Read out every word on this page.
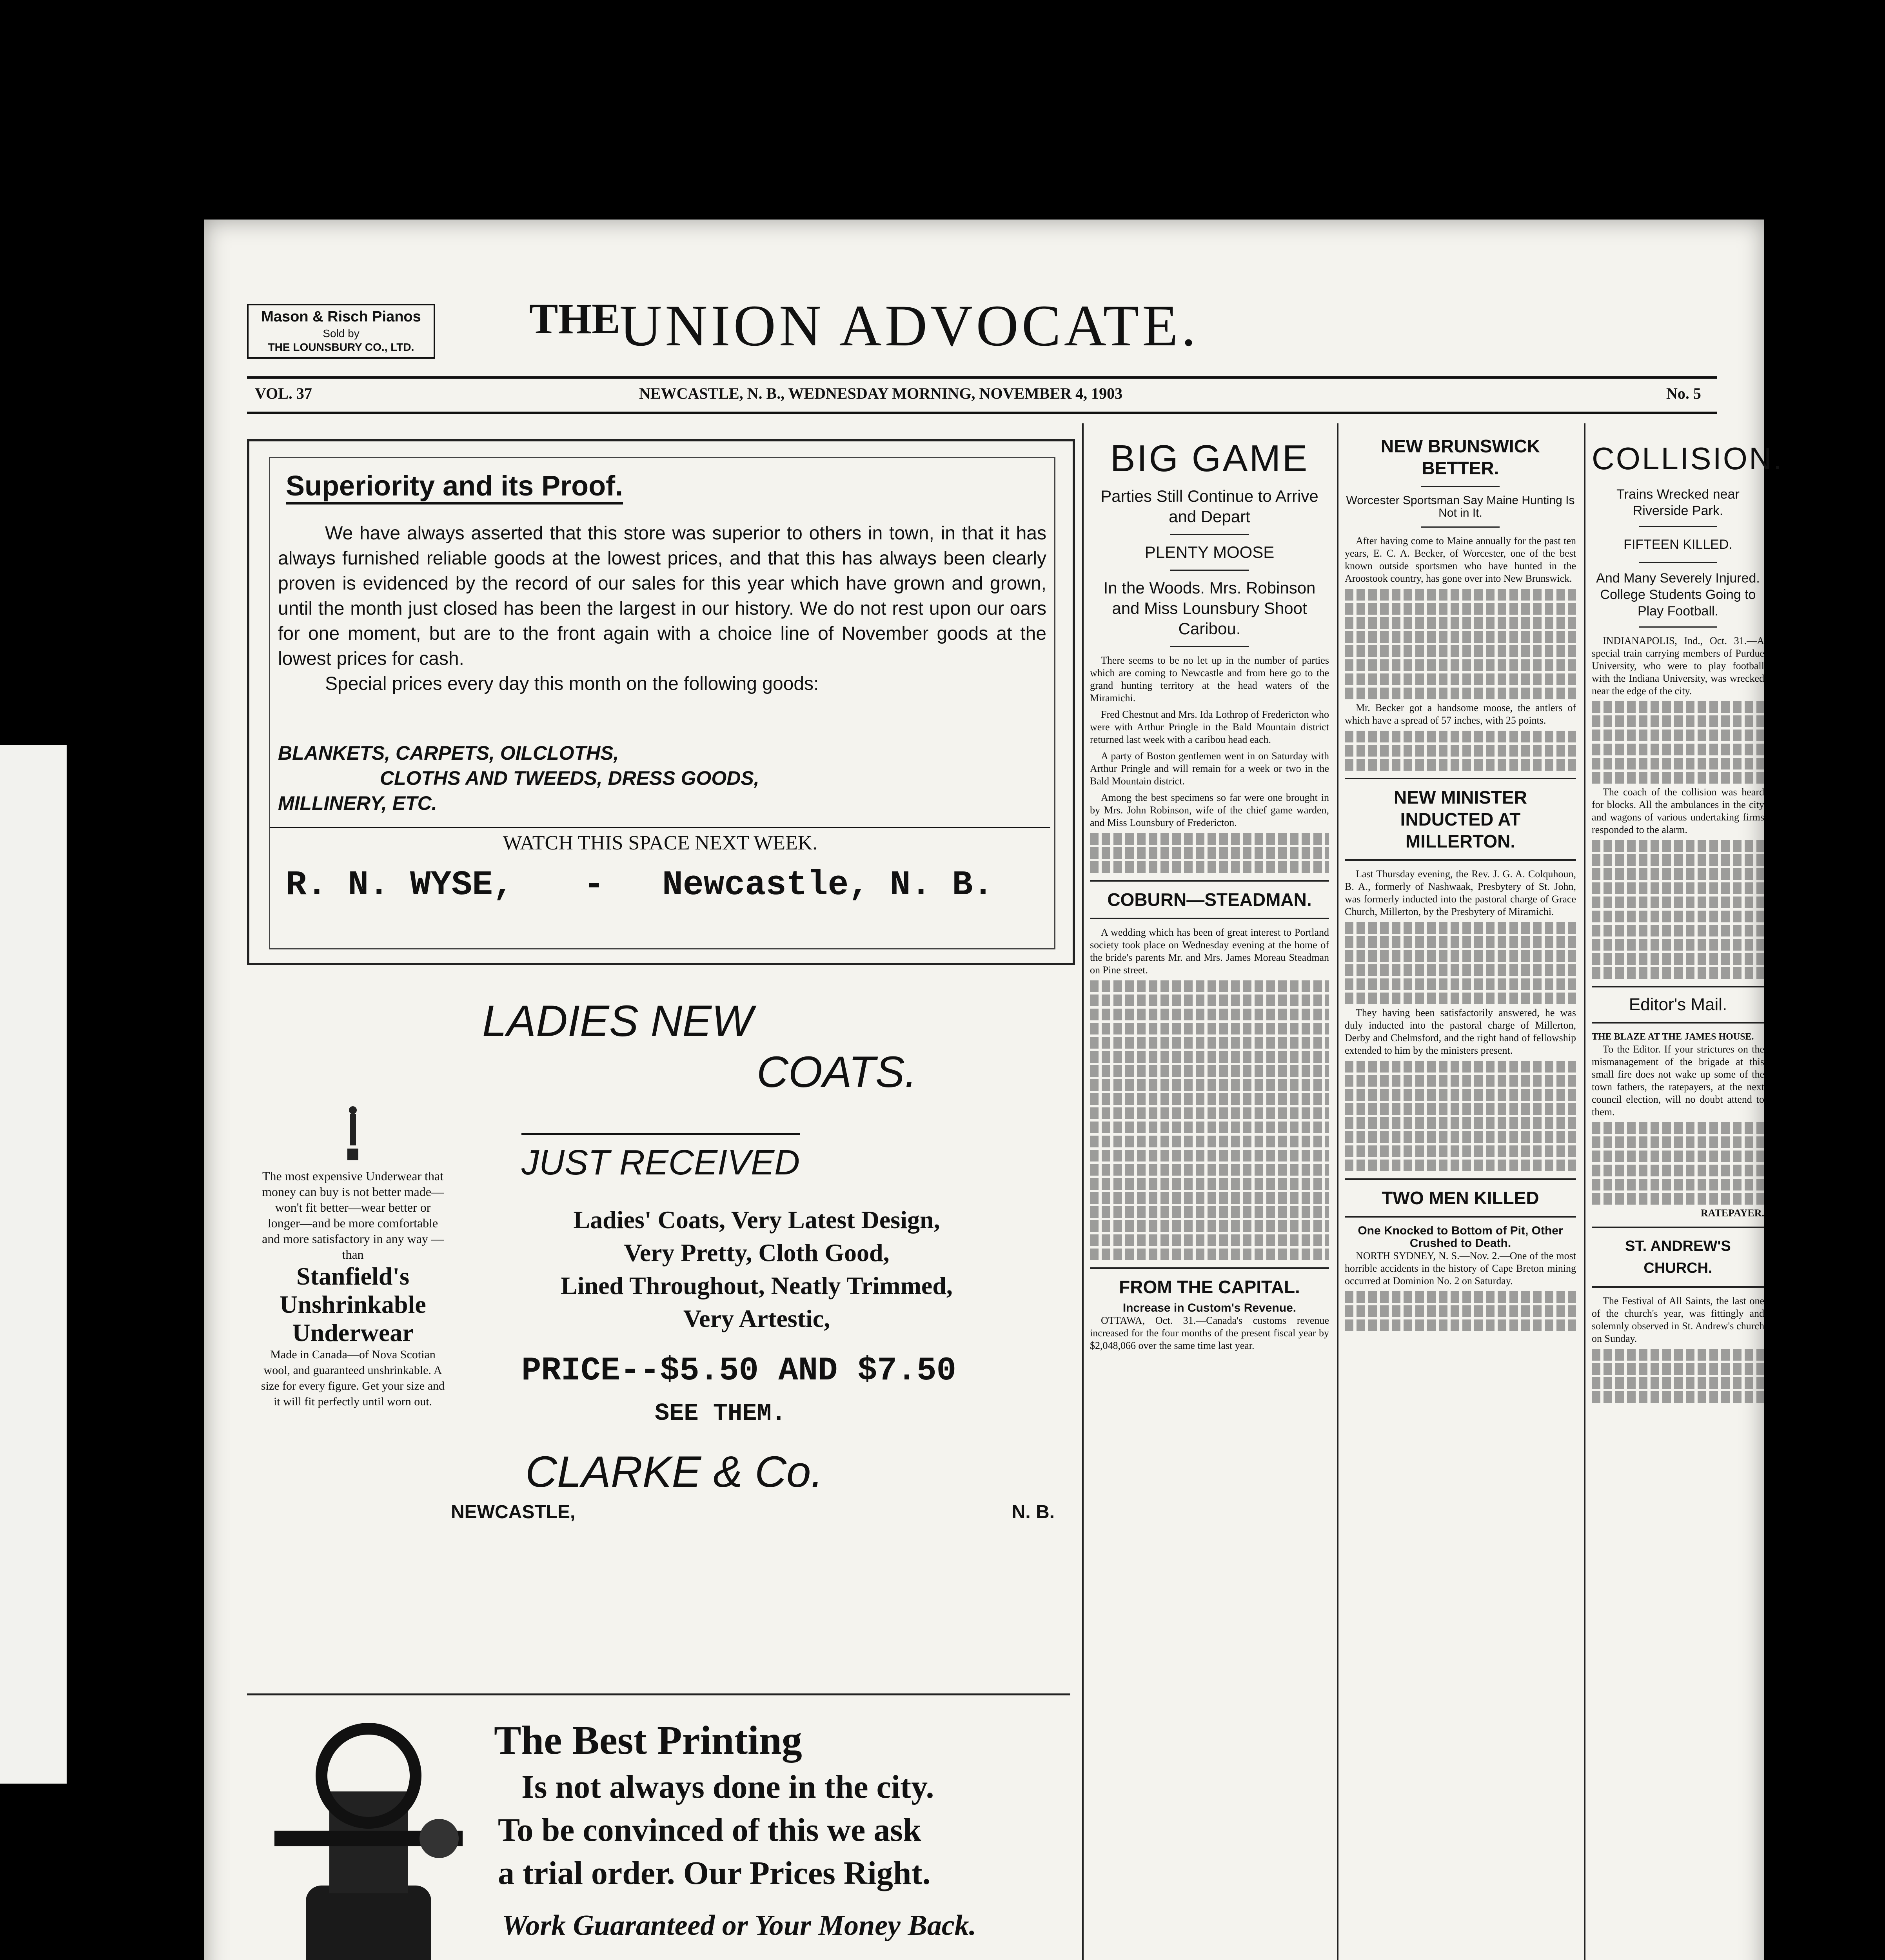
Mason & Risch Pianos
Sold by
THE LOUNSBURY CO., LTD.
THE
UNION ADVOCATE.
VOL. 37	NEWCASTLE, N. B., WEDNESDAY MORNING, NOVEMBER 4, 1903	No. 5
Superiority and its Proof.
We have always asserted that this store was superior to others in town, in that it has always furnished reliable goods at the lowest prices, and that this has always been clearly proven is evidenced by the record of our sales for this year which have grown and grown, until the month just closed has been the largest in our history. We do not rest upon our oars for one moment, but are to the front again with a choice line of November goods at the lowest prices for cash.
Special prices every day this month on the following goods:
BLANKETS, CARPETS, OILCLOTHS,
CLOTHS AND TWEEDS, DRESS GOODS,
MILLINERY, ETC.
WATCH THIS SPACE NEXT WEEK.
R. N. WYSE, - Newcastle, N. B.
The most expensive Underwear that money can buy is not better made—won't fit better—wear better or longer—and be more comfortable and more satisfactory in any way —than
Stanfield's
Unshrinkable
Underwear
Made in Canada—of Nova Scotian wool, and guaranteed unshrinkable. A size for every figure. Get your size and it will fit perfectly until worn out.
LADIES NEW
COATS.
JUST RECEIVED
Ladies' Coats, Very Latest Design,
Very Pretty, Cloth Good,
Lined Throughout, Neatly Trimmed,
Very Artestic,
PRICE--$5.50 AND $7.50
SEE THEM.
CLARKE & Co.
NEWCASTLE,	N. B.
The Best Printing
Is not always done in the city.
To be convinced of this we ask
a trial order. Our Prices Right.
Work Guaranteed or Your Money Back.
BIG GAME
Parties Still Continue to Arrive and Depart
PLENTY MOOSE
In the Woods. Mrs. Robinson and Miss Lounsbury Shoot Caribou.

There seems to be no let up in the number of parties which are coming to Newcastle and from here go to the grand hunting territory at the head waters of the Miramichi.

Fred Chestnut and Mrs. Ida Lothrop of Fredericton who were with Arthur Pringle in the Bald Mountain district returned last week with a caribou head each.

A party of Boston gentlemen went in on Saturday with Arthur Pringle and will remain for a week or two in the Bald Mountain district.

Among the best specimens so far were one brought in by Mrs. John Robinson, wife of the chief game warden, and Miss Lounsbury of Fredericton.

COBURN—STEADMAN.

A wedding which has been of great interest to Portland society took place on Wednesday evening at the home of the bride's parents Mr. and Mrs. James Moreau Steadman on Pine street.

FROM THE CAPITAL.
Increase in Custom's Revenue.

OTTAWA, Oct. 31.—Canada's customs revenue increased for the four months of the present fiscal year by $2,048,066 over the same time last year.

NEW BRUNSWICK BETTER.
Worcester Sportsman Say Maine Hunting Is Not in It.

After having come to Maine annually for the past ten years, E. C. A. Becker, of Worcester, one of the best known outside sportsmen who have hunted in the Aroostook country, has gone over into New Brunswick.

Mr. Becker got a handsome moose, the antlers of which have a spread of 57 inches, with 25 points.

NEW MINISTER INDUCTED AT MILLERTON.

Last Thursday evening, the Rev. J. G. A. Colquhoun, B. A., formerly of Nashwaak, Presbytery of St. John, was formerly inducted into the pastoral charge of Grace Church, Millerton, by the Presbytery of Miramichi.

They having been satisfactorily answered, he was duly inducted into the pastoral charge of Millerton, Derby and Chelmsford, and the right hand of fellowship extended to him by the ministers present.

TWO MEN KILLED
One Knocked to Bottom of Pit, Other Crushed to Death.

NORTH SYDNEY, N. S.—Nov. 2.—One of the most horrible accidents in the history of Cape Breton mining occurred at Dominion No. 2 on Saturday.

COLLISION.
Trains Wrecked near Riverside Park.
FIFTEEN KILLED.
And Many Severely Injured. College Students Going to Play Football.

INDIANAPOLIS, Ind., Oct. 31.—A special train carrying members of Purdue University, who were to play football with the Indiana University, was wrecked near the edge of the city.

The coach of the collision was heard for blocks. All the ambulances in the city and wagons of various undertaking firms responded to the alarm.

Editor's Mail.
THE BLAZE AT THE JAMES HOUSE.

To the Editor. If your strictures on the mismanagement of the brigade at this small fire does not wake up some of the town fathers, the ratepayers, at the next council election, will no doubt attend to them.

RATEPAYER.
ST. ANDREW'S CHURCH.

The Festival of All Saints, the last one of the church's year, was fittingly and solemnly observed in St. Andrew's church on Sunday.
